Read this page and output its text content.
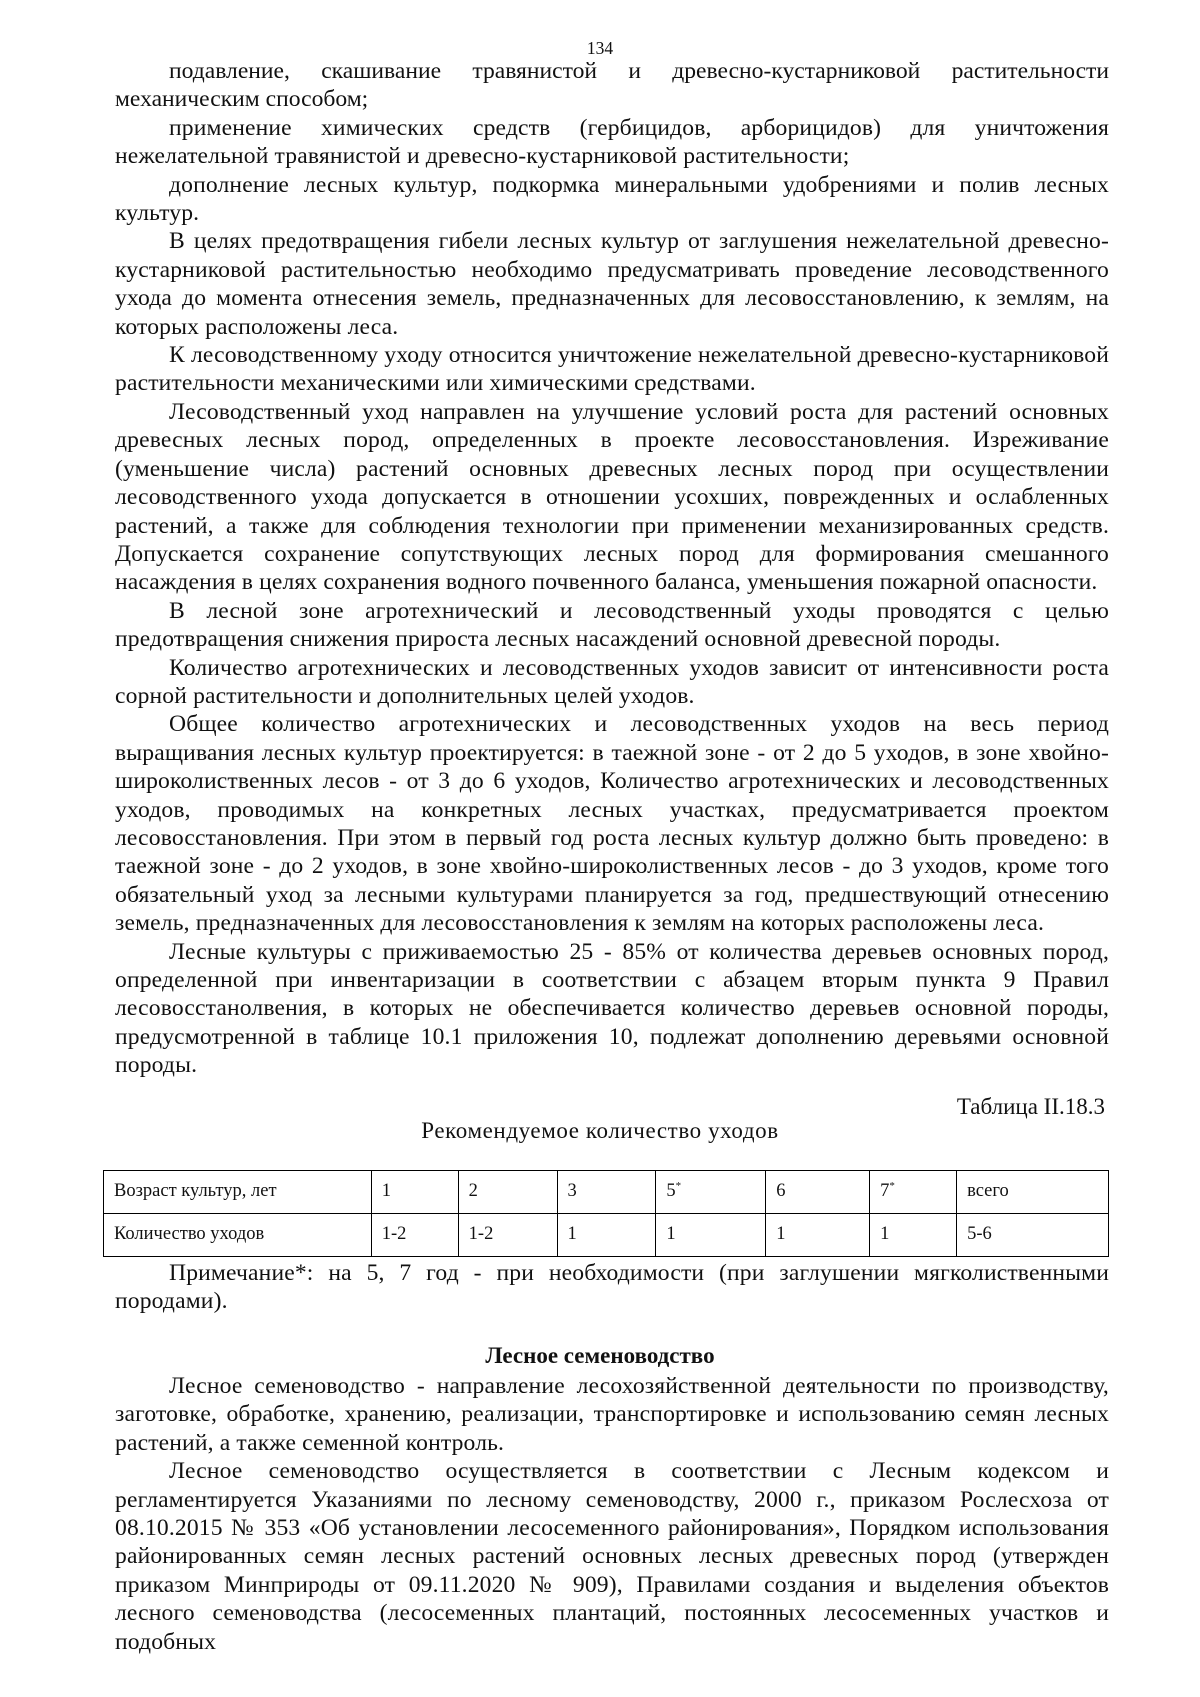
134

подавление, скашивание травянистой и древесно-кустарниковой растительности механическим способом;

применение химических средств (гербицидов, арборицидов) для уничтожения нежелательной травянистой и древесно-кустарниковой растительности;

дополнение лесных культур, подкормка минеральными удобрениями и полив лесных культур.

В целях предотвращения гибели лесных культур от заглушения нежелательной древесно-кустарниковой растительностью необходимо предусматривать проведение лесоводственного ухода до момента отнесения земель, предназначенных для лесовосстановлению, к землям, на которых расположены леса.

К лесоводственному уходу относится уничтожение нежелательной древесно-кустарниковой растительности механическими или химическими средствами.

Лесоводственный уход направлен на улучшение условий роста для растений основных древесных лесных пород, определенных в проекте лесовосстановления. Изреживание (уменьшение числа) растений основных древесных лесных пород при осуществлении лесоводственного ухода допускается в отношении усохших, поврежденных и ослабленных растений, а также для соблюдения технологии при применении механизированных средств. Допускается сохранение сопутствующих лесных пород для формирования смешанного насаждения в целях сохранения водного почвенного баланса, уменьшения пожарной опасности.

В лесной зоне агротехнический и лесоводственный уходы проводятся с целью предотвращения снижения прироста лесных насаждений основной древесной породы.

Количество агротехнических и лесоводственных уходов зависит от интенсивности роста сорной растительности и дополнительных целей уходов.

Общее количество агротехнических и лесоводственных уходов на весь период выращивания лесных культур проектируется: в таежной зоне - от 2 до 5 уходов, в зоне хвойно-широколиственных лесов - от 3 до 6 уходов, Количество агротехнических и лесоводственных уходов, проводимых на конкретных лесных участках, предусматривается проектом лесовосстановления. При этом в первый год роста лесных культур должно быть проведено: в таежной зоне - до 2 уходов, в зоне хвойно-широколиственных лесов - до 3 уходов, кроме того обязательный уход за лесными культурами планируется за год, предшествующий отнесению земель, предназначенных для лесовосстановления к землям на которых расположены леса.

Лесные культуры с приживаемостью 25 - 85% от количества деревьев основных пород, определенной при инвентаризации в соответствии с абзацем вторым пункта 9 Правил лесовосстанолвения, в которых не обеспечивается количество деревьев основной породы, предусмотренной в таблице 10.1 приложения 10, подлежат дополнению деревьями основной породы.

Таблица II.18.3
Рекомендуемое количество уходов
Возраст культур, лет	1	2	3	5*	6	7*	всего
Количество уходов	1-2	1-2	1	1	1	1	5-6

Примечание*: на 5, 7 год - при необходимости (при заглушении мягколиственными породами).

Лесное семеноводство

Лесное семеноводство - направление лесохозяйственной деятельности по производству, заготовке, обработке, хранению, реализации, транспортировке и использованию семян лесных растений, а также семенной контроль.

Лесное семеноводство осуществляется в соответствии с Лесным кодексом и регламентируется Указаниями по лесному семеноводству, 2000 г., приказом Рослесхоза от 08.10.2015 № 353 «Об установлении лесосеменного районирования», Порядком использования районированных семян лесных растений основных лесных древесных пород (утвержден приказом Минприроды от 09.11.2020 № 909), Правилами создания и выделения объектов лесного семеноводства (лесосеменных плантаций, постоянных лесосеменных участков и подобных
